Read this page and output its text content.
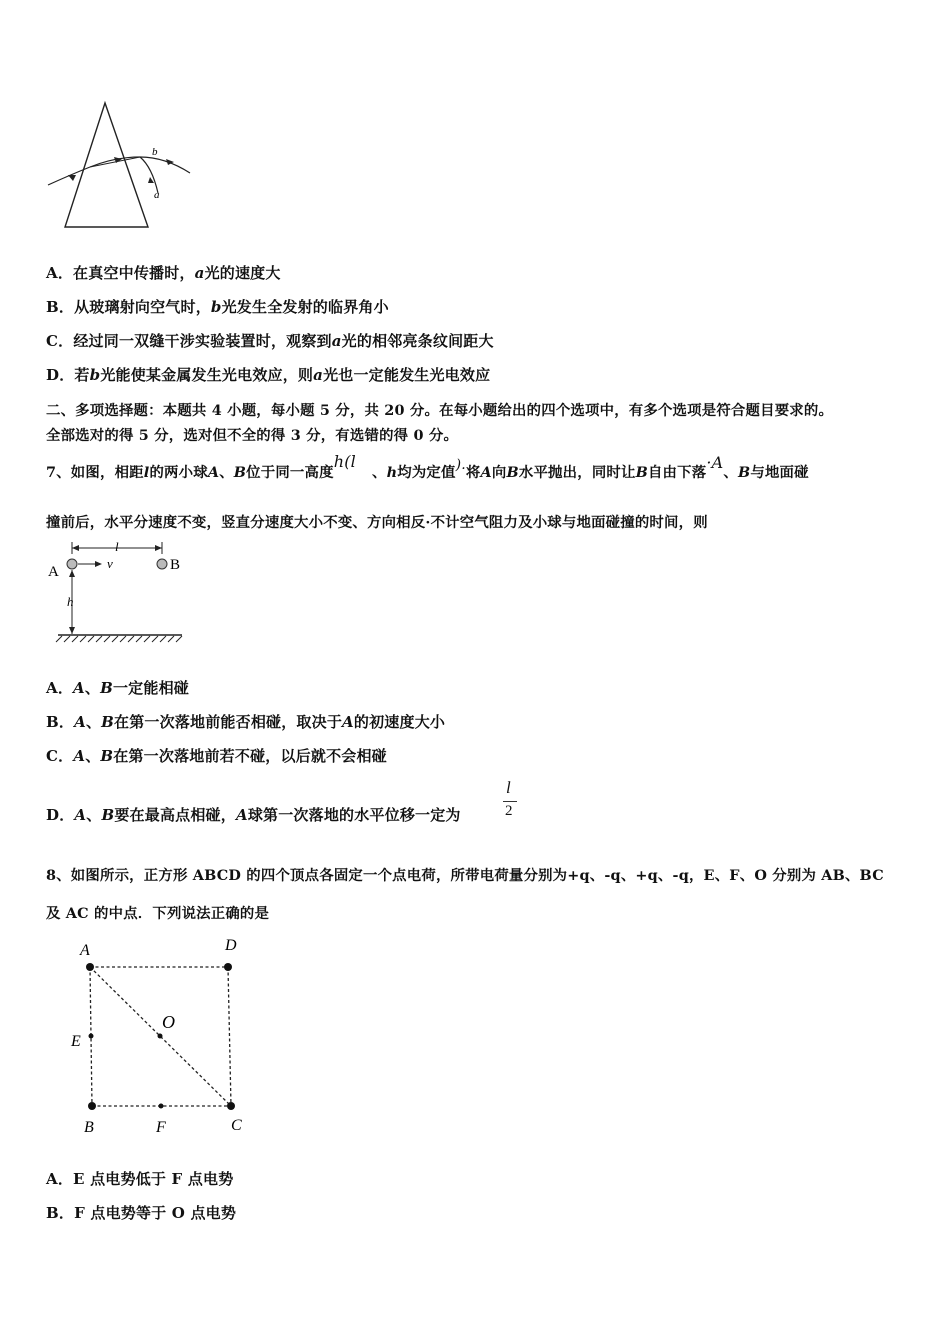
b
a
A．在真空中传播时，a光的速度大
B．从玻璃射向空气时，b光发生全发射的临界角小
C．经过同一双缝干涉实验装置时，观察到a光的相邻亮条纹间距大
D．若b光能使某金属发生光电效应，则a光也一定能发生光电效应
二、多项选择题：本题共 4 小题，每小题 5 分，共 20 分。在每小题给出的四个选项中，有多个选项是符合题目要求的。
全部选对的得 5 分，选对但不全的得 3 分，有选错的得 0 分。
7、如图，相距l的两小球A、B位于同一高度h(l、h均为定值).将A向B水平抛出，同时让B自由下落·A、B与地面碰
撞前后，水平分速度不变，竖直分速度大小不变、方向相反·不计空气阻力及小球与地面碰撞的时间，则
l
A	B
v
h
A．A、B一定能相碰
B．A、B在第一次落地前能否相碰，取决于A的初速度大小
C．A、B在第一次落地前若不碰，以后就不会相碰
D．A、B要在最高点相碰，A球第一次落地的水平位移一定为
l
2
8、如图所示，正方形 ABCD 的四个顶点各固定一个点电荷，所带电荷量分别为+q、-q、+q、-q，E、F、O 分别为 AB、BC
及 AC 的中点．下列说法正确的是
A	D
E
O
B	F	C
A．E 点电势低于 F 点电势
B．F 点电势等于 O 点电势
